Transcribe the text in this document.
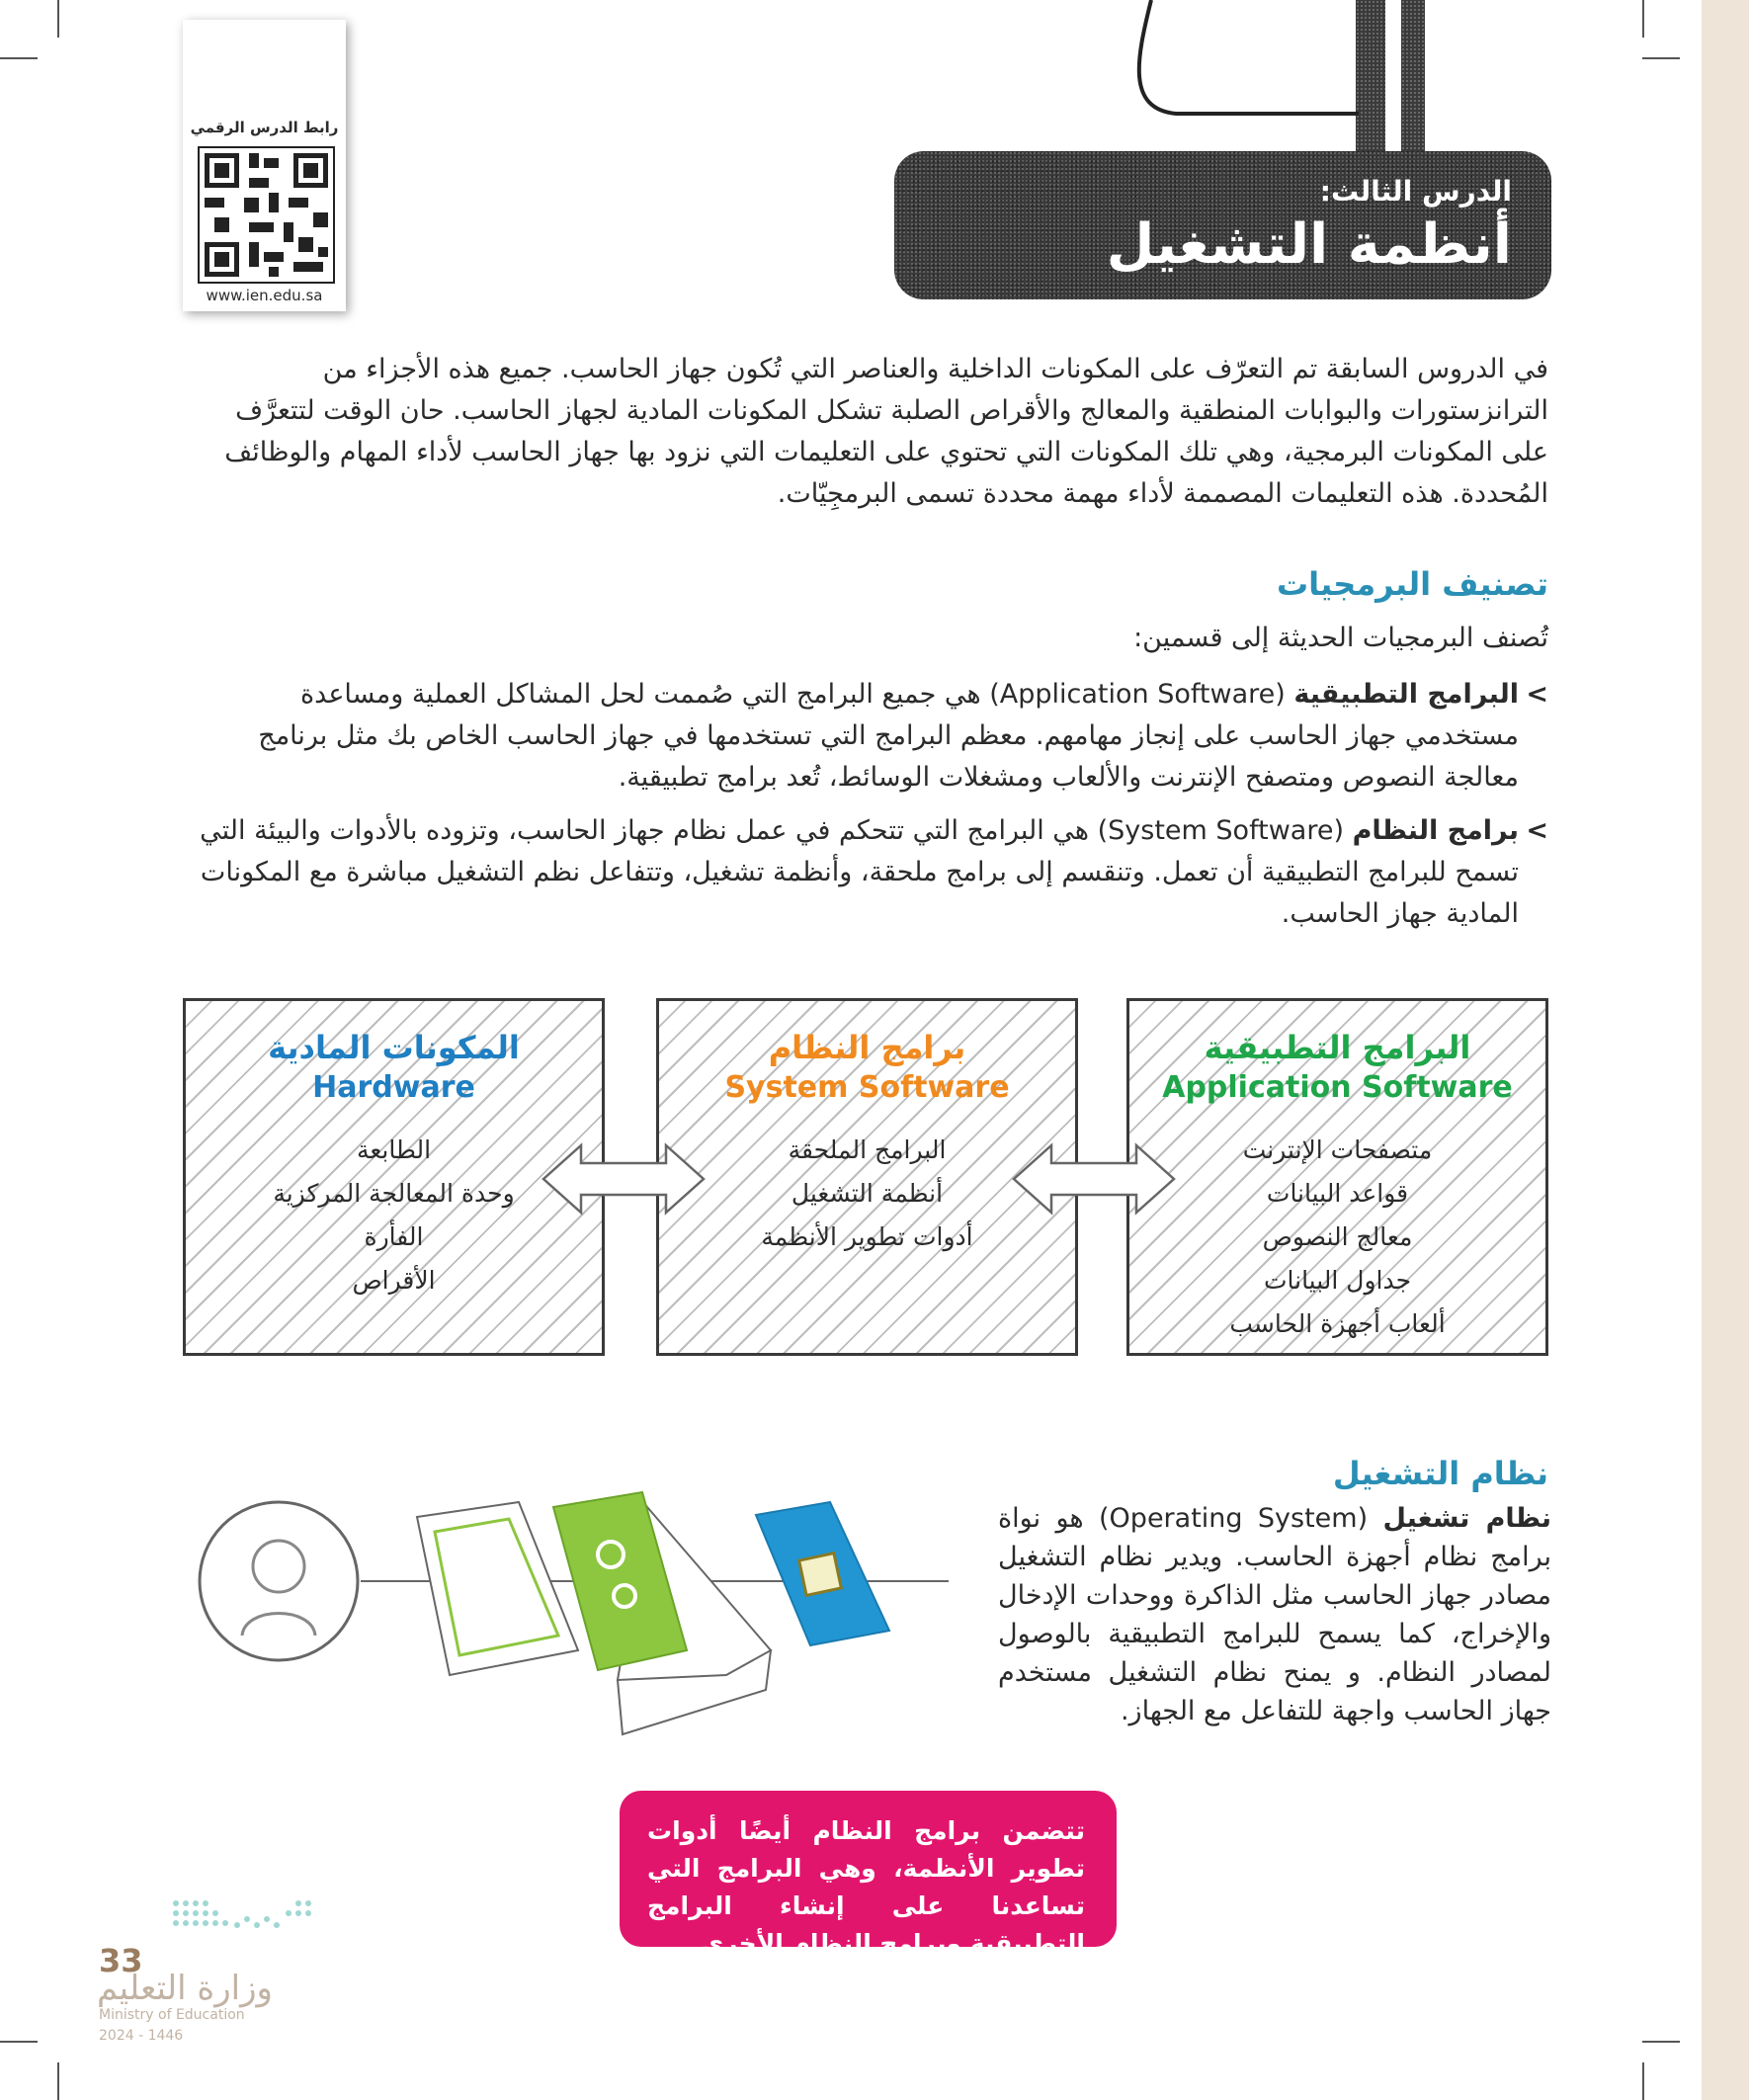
الدرس الثالث:
أنظمة التشغيل
رابط الدرس الرقمي
www.ien.edu.sa
في الدروس السابقة تم التعرّف على المكونات الداخلية والعناصر التي تُكون جهاز الحاسب. جميع هذه الأجزاء من الترانزستورات والبوابات المنطقية والمعالج والأقراص الصلبة تشكل المكونات المادية لجهاز الحاسب. حان الوقت لتتعرَّف على المكونات البرمجية، وهي تلك المكونات التي تحتوي على التعليمات التي نزود بها جهاز الحاسب لأداء المهام والوظائف المُحددة. هذه التعليمات المصممة لأداء مهمة محددة تسمى البرمجِيّات.
تصنيف البرمجيات
تُصنف البرمجيات الحديثة إلى قسمين:
>
البرامج التطبيقية (Application Software) هي جميع البرامج التي صُممت لحل المشاكل العملية ومساعدة مستخدمي جهاز الحاسب على إنجاز مهامهم. معظم البرامج التي تستخدمها في جهاز الحاسب الخاص بك مثل برنامج معالجة النصوص ومتصفح الإنترنت والألعاب ومشغلات الوسائط، تُعد برامج تطبيقية.
>
برامج النظام (System Software) هي البرامج التي تتحكم في عمل نظام جهاز الحاسب، وتزوده بالأدوات والبيئة التي تسمح للبرامج التطبيقية أن تعمل. وتنقسم إلى برامج ملحقة، وأنظمة تشغيل، وتتفاعل نظم التشغيل مباشرة مع المكونات المادية جهاز الحاسب.
البرامج التطبيقية
Application Software
متصفحات الإنترنت
قواعد البيانات
معالج النصوص
جداول البيانات
ألعاب أجهزة الحاسب
برامج النظام
System Software
البرامج الملحقة
أنظمة التشغيل
أدوات تطوير الأنظمة
المكونات المادية
Hardware
الطابعة
وحدة المعالجة المركزية
الفأرة
الأقراص
نظام التشغيل
نظام تشغيل (Operating System) هو نواة برامج نظام أجهزة الحاسب. ويدير نظام التشغيل مصادر جهاز الحاسب مثل الذاكرة ووحدات الإدخال والإخراج، كما يسمح للبرامج التطبيقية بالوصول لمصادر النظام. و يمنح نظام التشغيل مستخدم جهاز الحاسب واجهة للتفاعل مع الجهاز.
تتضمن برامج النظام أيضًا أدوات تطوير الأنظمة، وهي البرامج التي تساعدنا على إنشاء البرامج التطبيقية وبرامج النظام الأخرى.
33
وزارة التعليم
Ministry of Education
2024 - 1446
